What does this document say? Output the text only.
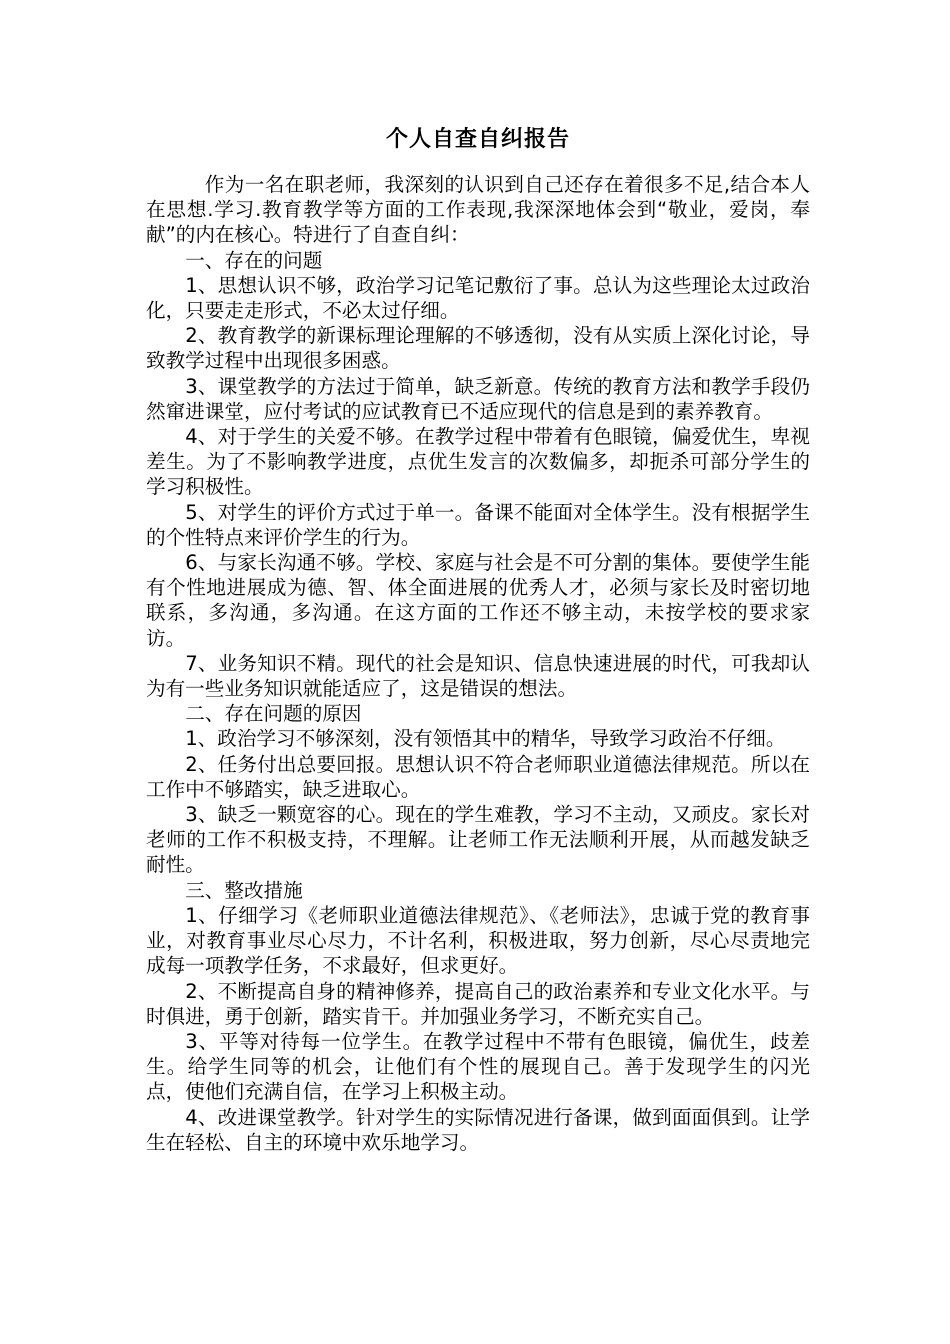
个人自查自纠报告

作为一名在职老师，我深刻的认识到自己还存在着很多不足,结合本人在思想.学习.教育教学等方面的工作表现,我深深地体会到“敬业，爱岗，奉献”的内在核心。特进行了自查自纠：

一、存在的问题

1、思想认识不够，政治学习记笔记敷衍了事。总认为这些理论太过政治化，只要走走形式，不必太过仔细。

2、教育教学的新课标理论理解的不够透彻，没有从实质上深化讨论，导致教学过程中出现很多困惑。

3、课堂教学的方法过于简单，缺乏新意。传统的教育方法和教学手段仍然窜进课堂，应付考试的应试教育已不适应现代的信息是到的素养教育。

4、对于学生的关爱不够。在教学过程中带着有色眼镜，偏爱优生，卑视差生。为了不影响教学进度，点优生发言的次数偏多，却扼杀可部分学生的学习积极性。

5、对学生的评价方式过于单一。备课不能面对全体学生。没有根据学生的个性特点来评价学生的行为。

6、与家长沟通不够。学校、家庭与社会是不可分割的集体。要使学生能有个性地进展成为德、智、体全面进展的优秀人才，必须与家长及时密切地联系，多沟通，多沟通。在这方面的工作还不够主动，未按学校的要求家访。

7、业务知识不精。现代的社会是知识、信息快速进展的时代，可我却认为有一些业务知识就能适应了，这是错误的想法。

二、存在问题的原因

1、政治学习不够深刻，没有领悟其中的精华，导致学习政治不仔细。

2、任务付出总要回报。思想认识不符合老师职业道德法律规范。所以在工作中不够踏实，缺乏进取心。

3、缺乏一颗宽容的心。现在的学生难教，学习不主动，又顽皮。家长对老师的工作不积极支持，不理解。让老师工作无法顺利开展，从而越发缺乏耐性。

三、整改措施

1、仔细学习《老师职业道德法律规范》、《老师法》，忠诚于党的教育事业，对教育事业尽心尽力，不计名利，积极进取，努力创新，尽心尽责地完成每一项教学任务，不求最好，但求更好。

2、不断提高自身的精神修养，提高自己的政治素养和专业文化水平。与时俱进，勇于创新，踏实肯干。并加强业务学习，不断充实自己。

3、平等对待每一位学生。在教学过程中不带有色眼镜，偏优生，歧差生。给学生同等的机会，让他们有个性的展现自己。善于发现学生的闪光点，使他们充满自信，在学习上积极主动。

4、改进课堂教学。针对学生的实际情况进行备课，做到面面俱到。让学生在轻松、自主的环境中欢乐地学习。
